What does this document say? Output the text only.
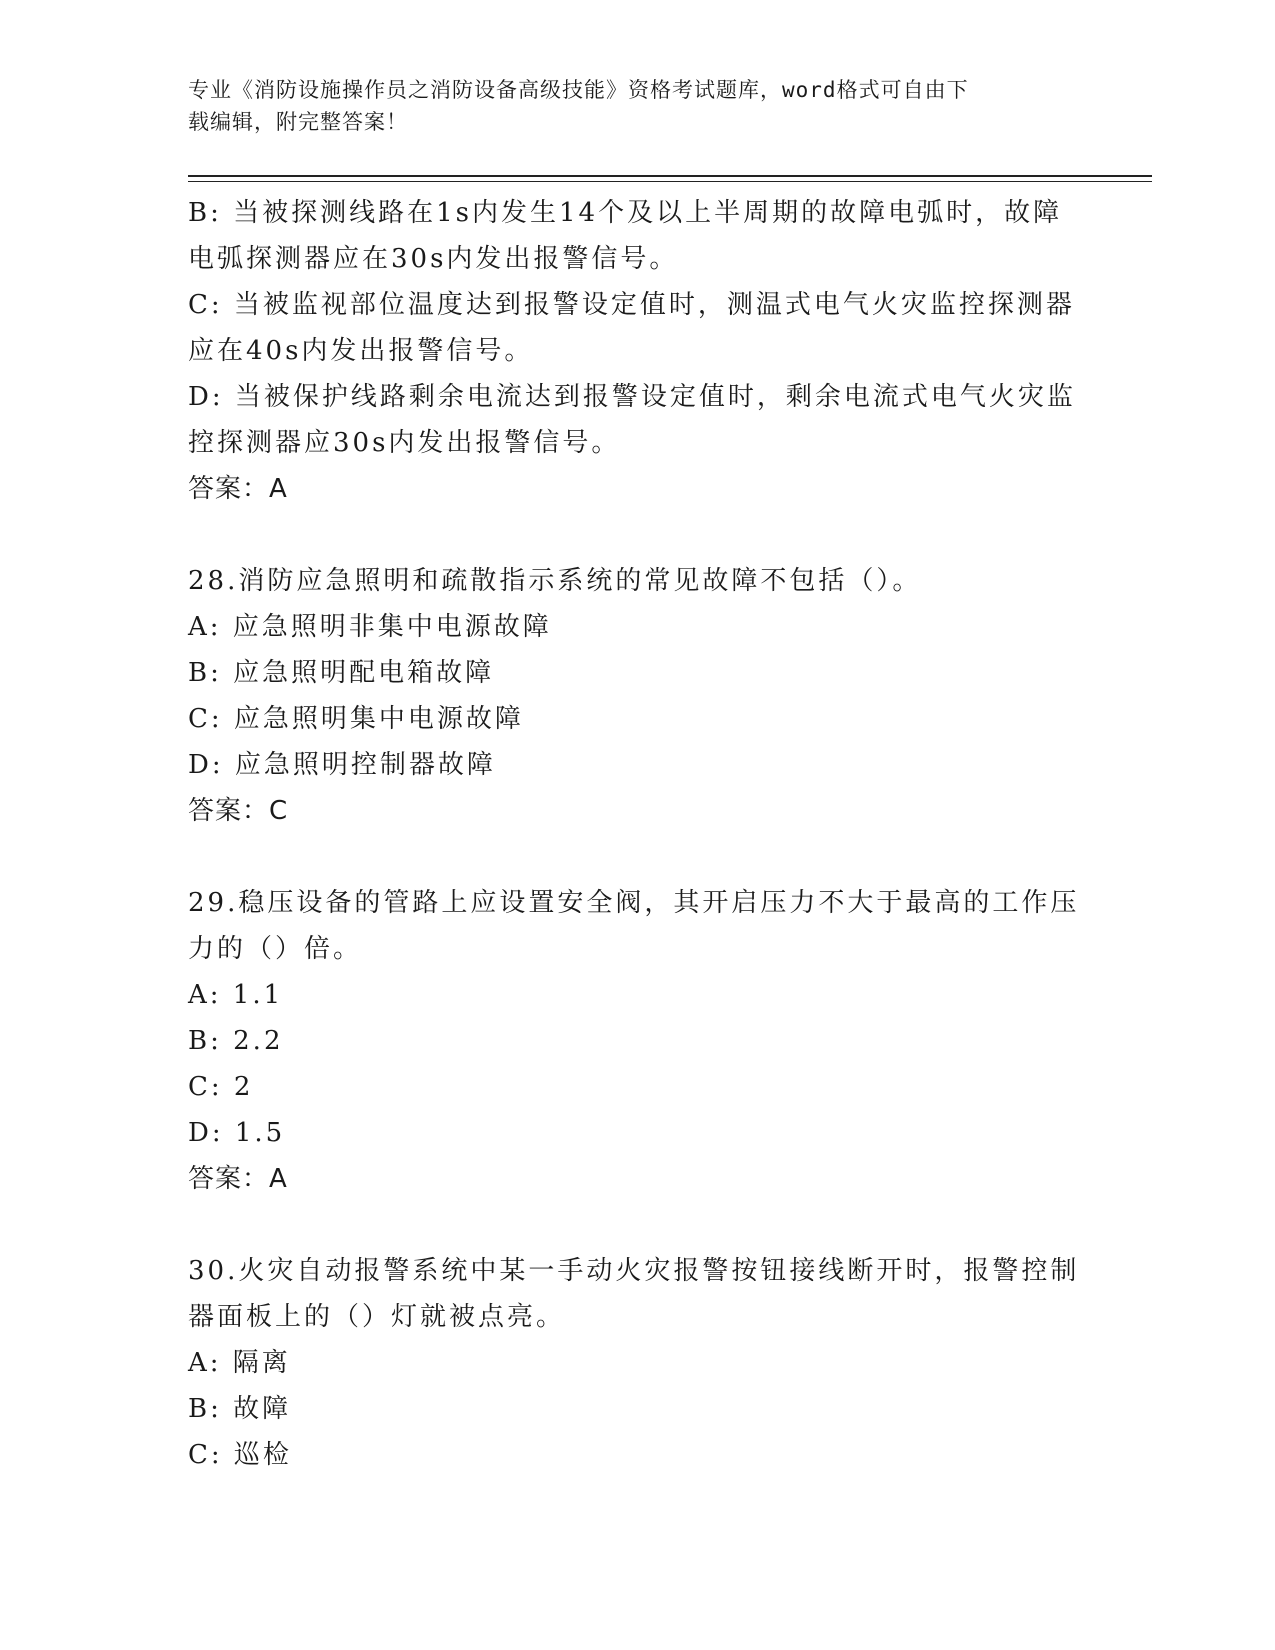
专业《消防设施操作员之消防设备高级技能》资格考试题库，word格式可自由下
载编辑，附完整答案！
B: 当被探测线路在1s内发生14个及以上半周期的故障电弧时，故障
电弧探测器应在30s内发出报警信号。
C: 当被监视部位温度达到报警设定值时，测温式电气火灾监控探测器
应在40s内发出报警信号。
D: 当被保护线路剩余电流达到报警设定值时，剩余电流式电气火灾监
控探测器应30s内发出报警信号。
答案：A
28.消防应急照明和疏散指示系统的常见故障不包括（）。
A: 应急照明非集中电源故障
B: 应急照明配电箱故障
C: 应急照明集中电源故障
D: 应急照明控制器故障
答案：C
29.稳压设备的管路上应设置安全阀，其开启压力不大于最高的工作压
力的（）倍。
A: 1.1
B: 2.2
C: 2
D: 1.5
答案：A
30.火灾自动报警系统中某一手动火灾报警按钮接线断开时，报警控制
器面板上的（）灯就被点亮。
A: 隔离
B: 故障
C: 巡检
